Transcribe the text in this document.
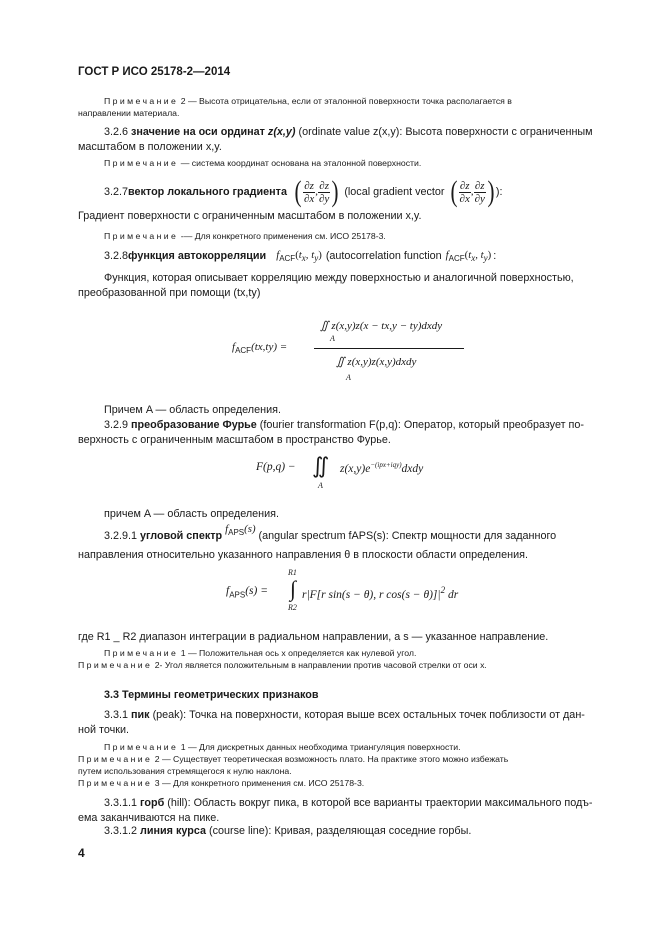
ГОСТ Р ИСО 25178-2—2014
Примечание 2 — Высота отрицательна, если от эталонной поверхности точка располагается в
направлении материала.
3.2.6 значение на оси ординат z(x,y) (ordinate value z(x,y): Высота поверхности с ограниченным
масштабом в положении x,y.
Примечание — система координат основана на эталонной поверхности.
3.2.7 вектор локального градиента ( $\frac{\partial z}{\partial x}$ , $\frac{\partial z}{\partial y}$ ) (local gradient vector ( $\frac{\partial z}{\partial x}$ , $\frac{\partial z}{\partial y}$ ) ):
Градиент поверхности с ограниченным масштабом в положении x,y.
Примечание -— Для конкретного применения см. ИСО 25178-3.
3.2.8 функция автокорреляции $f_{ACF}(t_x$, $t_y$) (autocorrelation function $f_{ACF}(t_x$, $t_y$) :
Функция, которая описывает корреляцию между поверхностью и аналогичной поверхностью,
преобразованной при помощи (tx,ty)
$f_{ACF}(tx,ty)$ =
∬ z(x,y)z(x − tx,y − ty)dxdy
A
∬ z(x,y)z(x,y)dxdy
A
Причем A — область определения.
3.2.9 преобразование Фурье (fourier transformation F(p,q): Оператор, который преобразует по-
верхность с ограниченным масштабом в пространство Фурье.
F(p,q) − ∬
A
$z(x,y)e^{-(ipx+iqy)}dxdy$
причем A — область определения.
3.2.9.1 угловой спектр $f_{APS}(s)$ (angular spectrum fAPS(s): Спектр мощности для заданного
направления относительно указанного направления θ в плоскости области определения.
$f_{APS}(s)$ =
R1
∫
R2
r|F[r sin(s − θ), r $\cos(s - \theta)]|^2$ dr
где R1 _ R2 диапазон интеграции в радиальном направлении, а s — указанное направление.
Примечание 1 — Положительная ось x определяется как нулевой угол.
Примечание 2- Угол является положительным в направлении против часовой стрелки от оси x.
3.3 Термины геометрических признаков
3.3.1 пик (peak): Точка на поверхности, которая выше всех остальных точек поблизости от дан-
ной точки.
Примечание 1 — Для дискретных данных необходима триангуляция поверхности.
Примечание 2 — Существует теоретическая возможность плато. На практике этого можно избежать
путем использования стремящегося к нулю наклона.
Примечание 3 — Для конкретного применения см. ИСО 25178-3.
3.3.1.1 горб (hill): Область вокруг пика, в которой все варианты траектории максимального подъ-
ема заканчиваются на пике.
3.3.1.2 линия курса (course line): Кривая, разделяющая соседние горбы.
4
